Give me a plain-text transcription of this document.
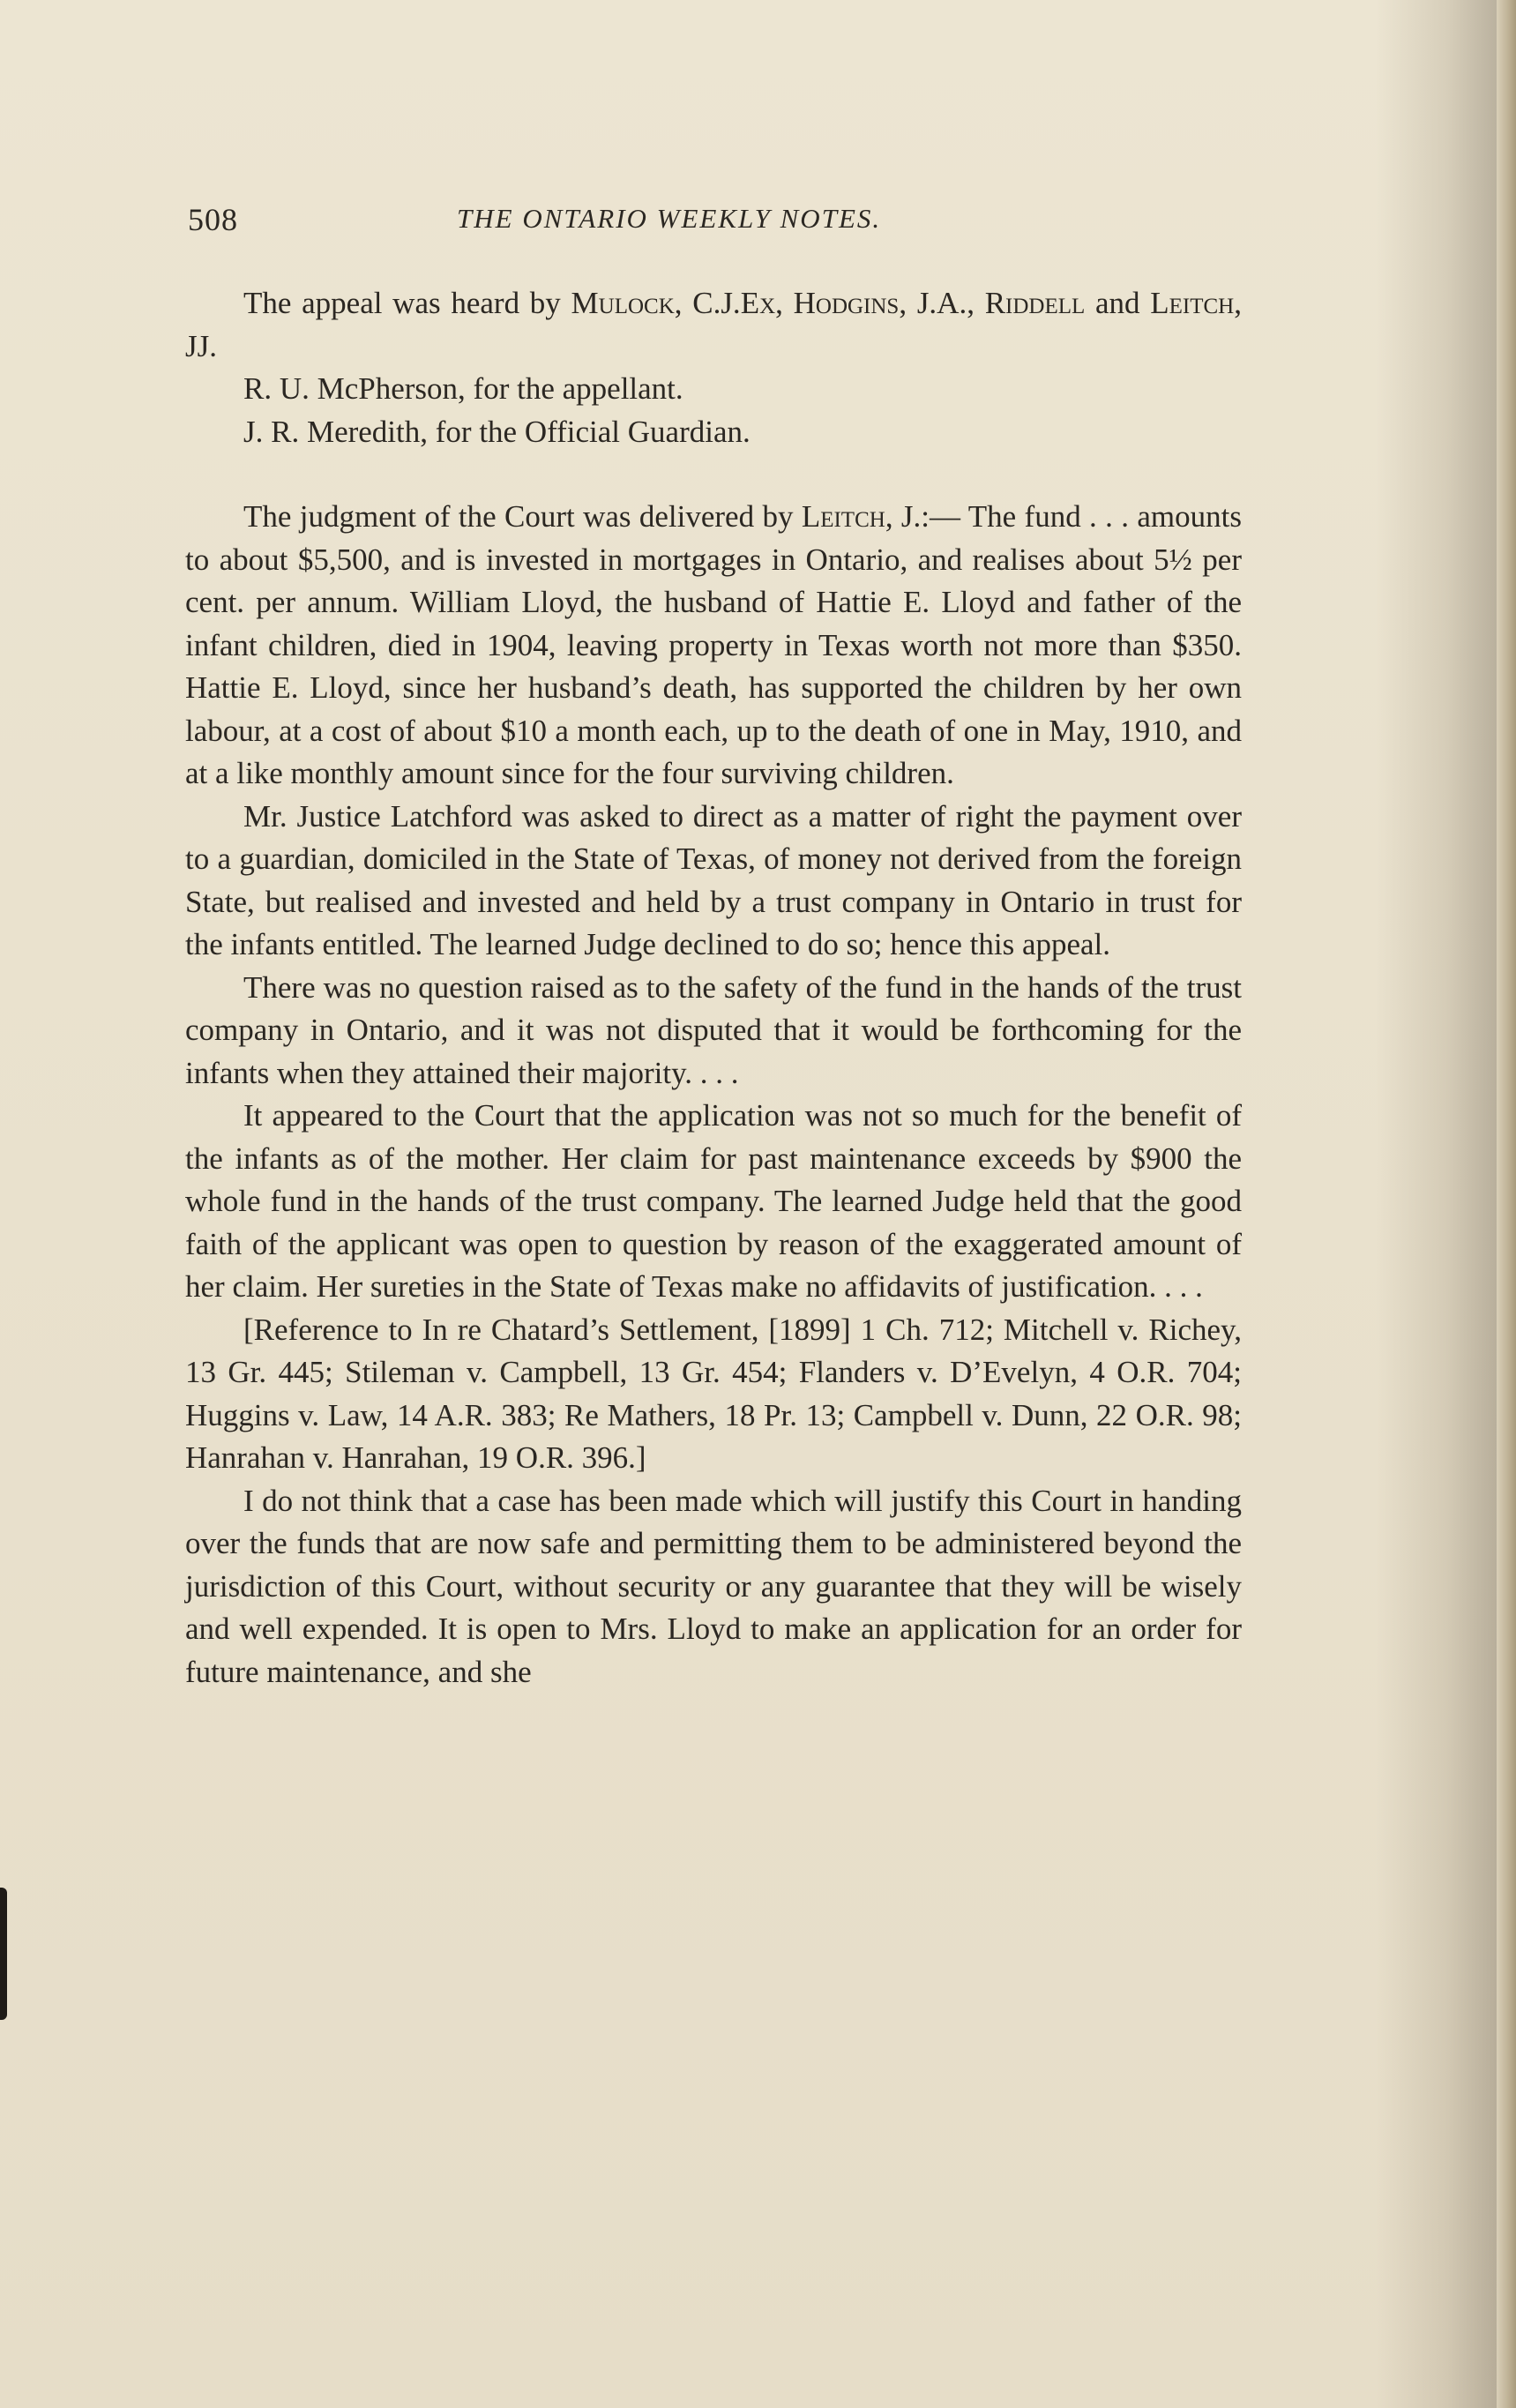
508	THE ONTARIO WEEKLY NOTES.

The appeal was heard by Mulock, C.J.Ex, Hodgins, J.A., Riddell and Leitch, JJ.

R. U. McPherson, for the appellant.

J. R. Meredith, for the Official Guardian.

The judgment of the Court was delivered by Leitch, J.:— The fund . . . amounts to about $5,500, and is invested in mortgages in Ontario, and realises about 5½ per cent. per annum. William Lloyd, the husband of Hattie E. Lloyd and father of the infant children, died in 1904, leaving property in Texas worth not more than $350. Hattie E. Lloyd, since her husband’s death, has supported the children by her own labour, at a cost of about $10 a month each, up to the death of one in May, 1910, and at a like monthly amount since for the four surviving children.

Mr. Justice Latchford was asked to direct as a matter of right the payment over to a guardian, domiciled in the State of Texas, of money not derived from the foreign State, but realised and invested and held by a trust company in Ontario in trust for the infants entitled. The learned Judge declined to do so; hence this appeal.

There was no question raised as to the safety of the fund in the hands of the trust company in Ontario, and it was not disputed that it would be forthcoming for the infants when they attained their majority. . . .

It appeared to the Court that the application was not so much for the benefit of the infants as of the mother. Her claim for past maintenance exceeds by $900 the whole fund in the hands of the trust company. The learned Judge held that the good faith of the applicant was open to question by reason of the exaggerated amount of her claim. Her sureties in the State of Texas make no affidavits of justification. . . .

[Reference to In re Chatard’s Settlement, [1899] 1 Ch. 712; Mitchell v. Richey, 13 Gr. 445; Stileman v. Campbell, 13 Gr. 454; Flanders v. D’Evelyn, 4 O.R. 704; Huggins v. Law, 14 A.R. 383; Re Mathers, 18 Pr. 13; Campbell v. Dunn, 22 O.R. 98; Hanrahan v. Hanrahan, 19 O.R. 396.]

I do not think that a case has been made which will justify this Court in handing over the funds that are now safe and permitting them to be administered beyond the jurisdiction of this Court, without security or any guarantee that they will be wisely and well expended. It is open to Mrs. Lloyd to make an application for an order for future maintenance, and she
